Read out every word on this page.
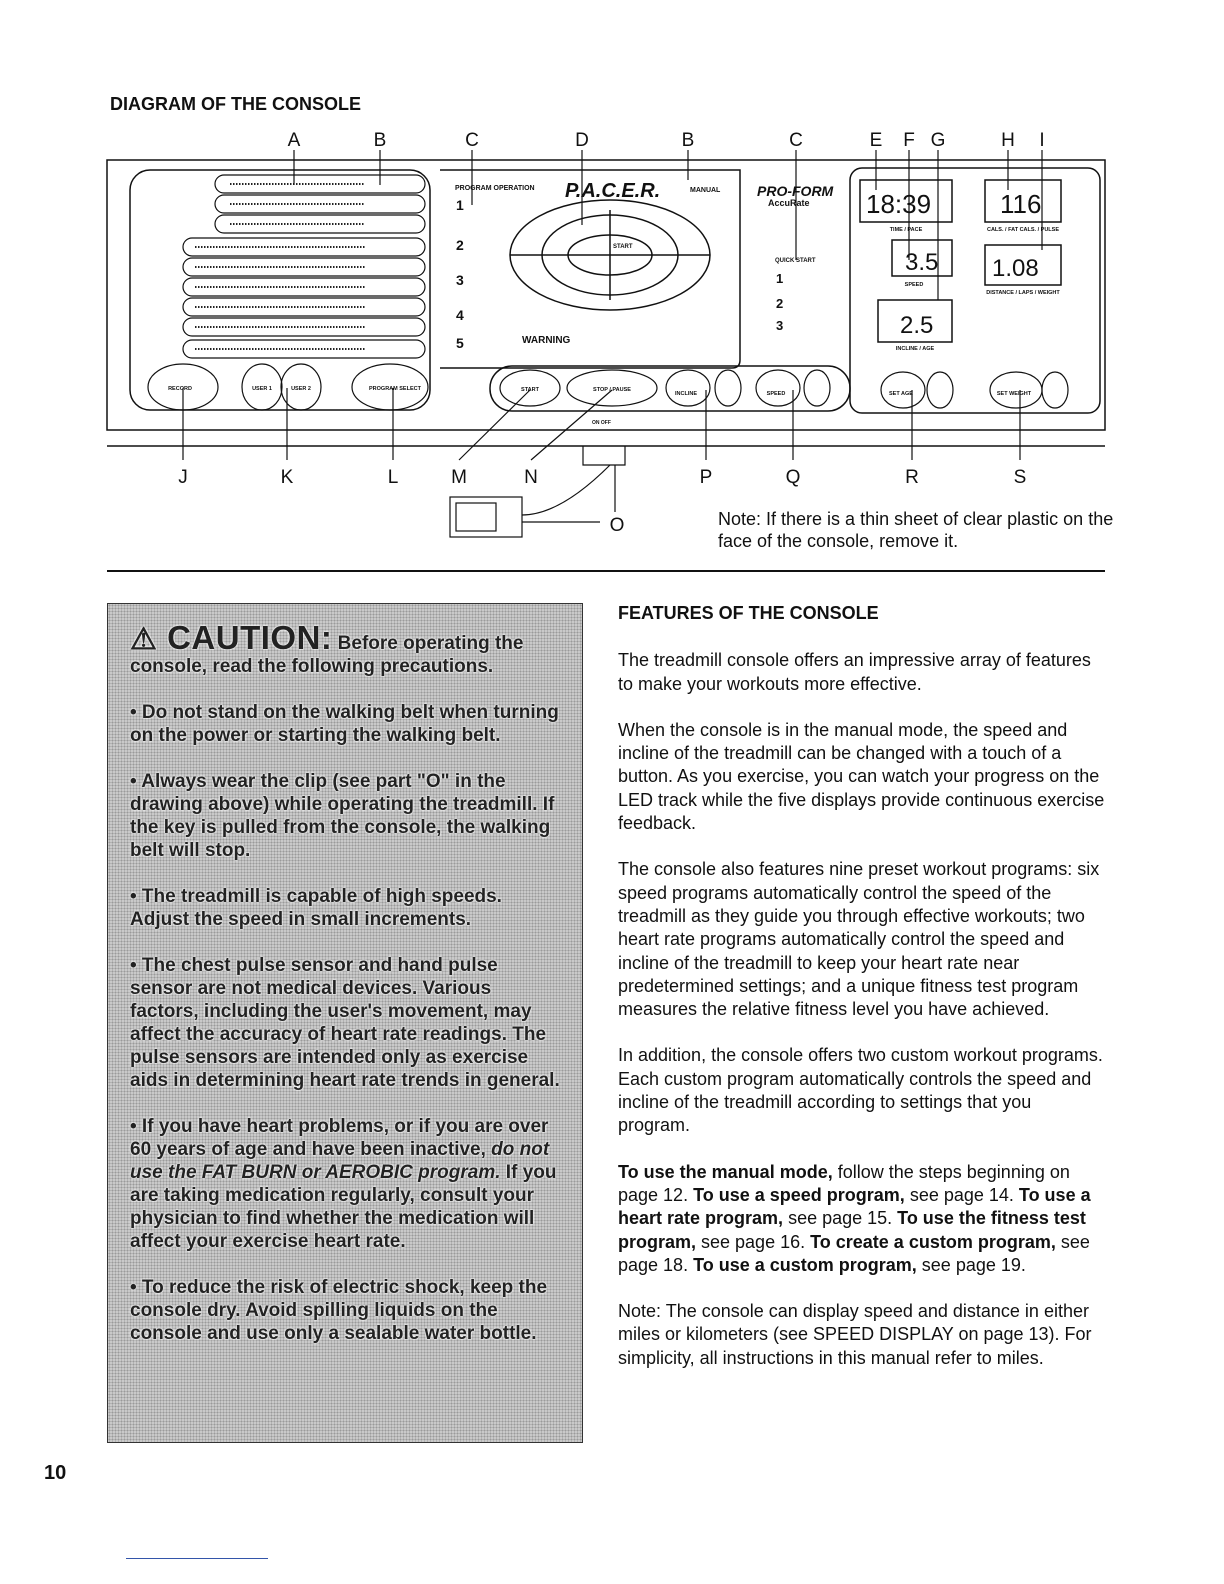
DIAGRAM OF THE CONSOLE
A	B	C	D	B	C	E F G	H I
J	K	L	M	N	P	Q	R	S
O
PROGRAM OPERATION
1
2
3
4
5
P.A.C.E.R.	MANUAL	PRO-FORM
AccuRate
QUICK START
1
2
3
WARNING
ON OFF
START
18:39	116
3.5 1.08
2.5
TIME / PACE	CALS. / FAT CALS. / PULSE
SPEED
DISTANCE / LAPS / WEIGHT
INCLINE / AGE
RECORD	USER 1	USER 2	PROGRAM SELECT	START	STOP / PAUSE
INCLINE	SPEED	SET AGE	SET WEIGHT
Note: If there is a thin sheet of clear plastic on the face of the console, remove it.

⚠ CAUTION: Before operating the console, read the following precautions.

• Do not stand on the walking belt when turning on the power or starting the walking belt.

• Always wear the clip (see part "O" in the drawing above) while operating the treadmill. If the key is pulled from the console, the walking belt will stop.

• The treadmill is capable of high speeds. Adjust the speed in small increments.

• The chest pulse sensor and hand pulse sensor are not medical devices. Various factors, including the user's movement, may affect the accuracy of heart rate readings. The pulse sensors are intended only as exercise aids in determining heart rate trends in general.

• If you have heart problems, or if you are over 60 years of age and have been inactive, do not use the FAT BURN or AEROBIC program. If you are taking medication regularly, consult your physician to find whether the medication will affect your exercise heart rate.

• To reduce the risk of electric shock, keep the console dry. Avoid spilling liquids on the console and use only a sealable water bottle.

FEATURES OF THE CONSOLE

The treadmill console offers an impressive array of features to make your workouts more effective.

When the console is in the manual mode, the speed and incline of the treadmill can be changed with a touch of a button. As you exercise, you can watch your progress on the LED track while the five displays provide continuous exercise feedback.

The console also features nine preset workout programs: six speed programs automatically control the speed of the treadmill as they guide you through effective workouts; two heart rate programs automatically control the speed and incline of the treadmill to keep your heart rate near predetermined settings; and a unique fitness test program measures the relative fitness level you have achieved.

In addition, the console offers two custom workout programs. Each custom program automatically controls the speed and incline of the treadmill according to settings that you program.

To use the manual mode, follow the steps beginning on page 12. To use a speed program, see page 14. To use a heart rate program, see page 15. To use the fitness test program, see page 16. To create a custom program, see page 18. To use a custom program, see page 19.

Note: The console can display speed and distance in either miles or kilometers (see SPEED DISPLAY on page 13). For simplicity, all instructions in this manual refer to miles.

10
